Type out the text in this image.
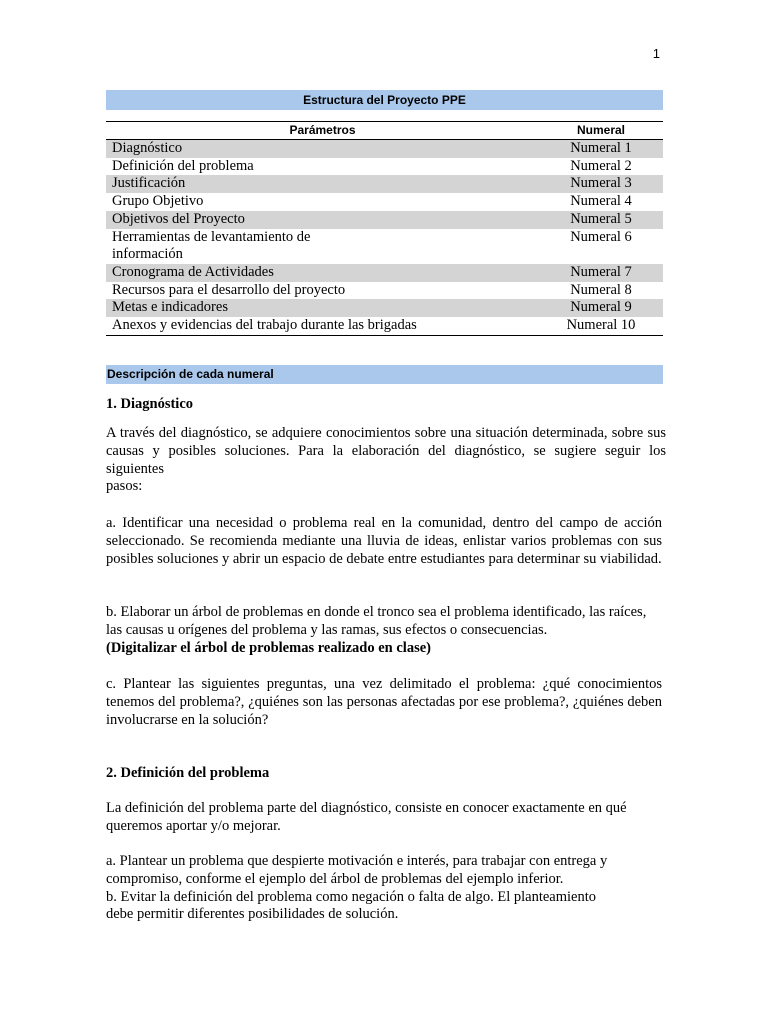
1
Estructura del Proyecto PPE
Parámetros	Numeral
Diagnóstico	Numeral 1
Definición del problema	Numeral 2
Justificación	Numeral 3
Grupo Objetivo	Numeral 4
Objetivos del Proyecto	Numeral 5

Herramientas de levantamiento de información	Numeral 6
Cronograma de Actividades	Numeral 7
Recursos para el desarrollo del proyecto	Numeral 8
Metas e indicadores	Numeral 9
Anexos y evidencias del trabajo durante las brigadas	Numeral 10
Descripción de cada numeral

1. Diagnóstico

A través del diagnóstico, se adquiere conocimientos sobre una situación determinada, sobre sus causas y posibles soluciones. Para la elaboración del diagnóstico, se sugiere seguir los siguientes

pasos:

a. Identificar una necesidad o problema real en la comunidad, dentro del campo de acción seleccionado. Se recomienda mediante una lluvia de ideas, enlistar varios problemas con sus posibles soluciones y abrir un espacio de debate entre estudiantes para determinar su viabilidad.

b. Elaborar un árbol de problemas en donde el tronco sea el problema identificado, las raíces, las causas u orígenes del problema y las ramas, sus efectos o consecuencias.

(Digitalizar el árbol de problemas realizado en clase)

c. Plantear las siguientes preguntas, una vez delimitado el problema: ¿qué conocimientos tenemos del problema?, ¿quiénes son las personas afectadas por ese problema?, ¿quiénes deben involucrarse en la solución?

2. Definición del problema

La definición del problema parte del diagnóstico, consiste en conocer exactamente en qué queremos aportar y/o mejorar.

a. Plantear un problema que despierte motivación e interés, para trabajar con entrega y compromiso, conforme el ejemplo del árbol de problemas del ejemplo inferior.

b. Evitar la definición del problema como negación o falta de algo. El planteamiento debe permitir diferentes posibilidades de solución.
